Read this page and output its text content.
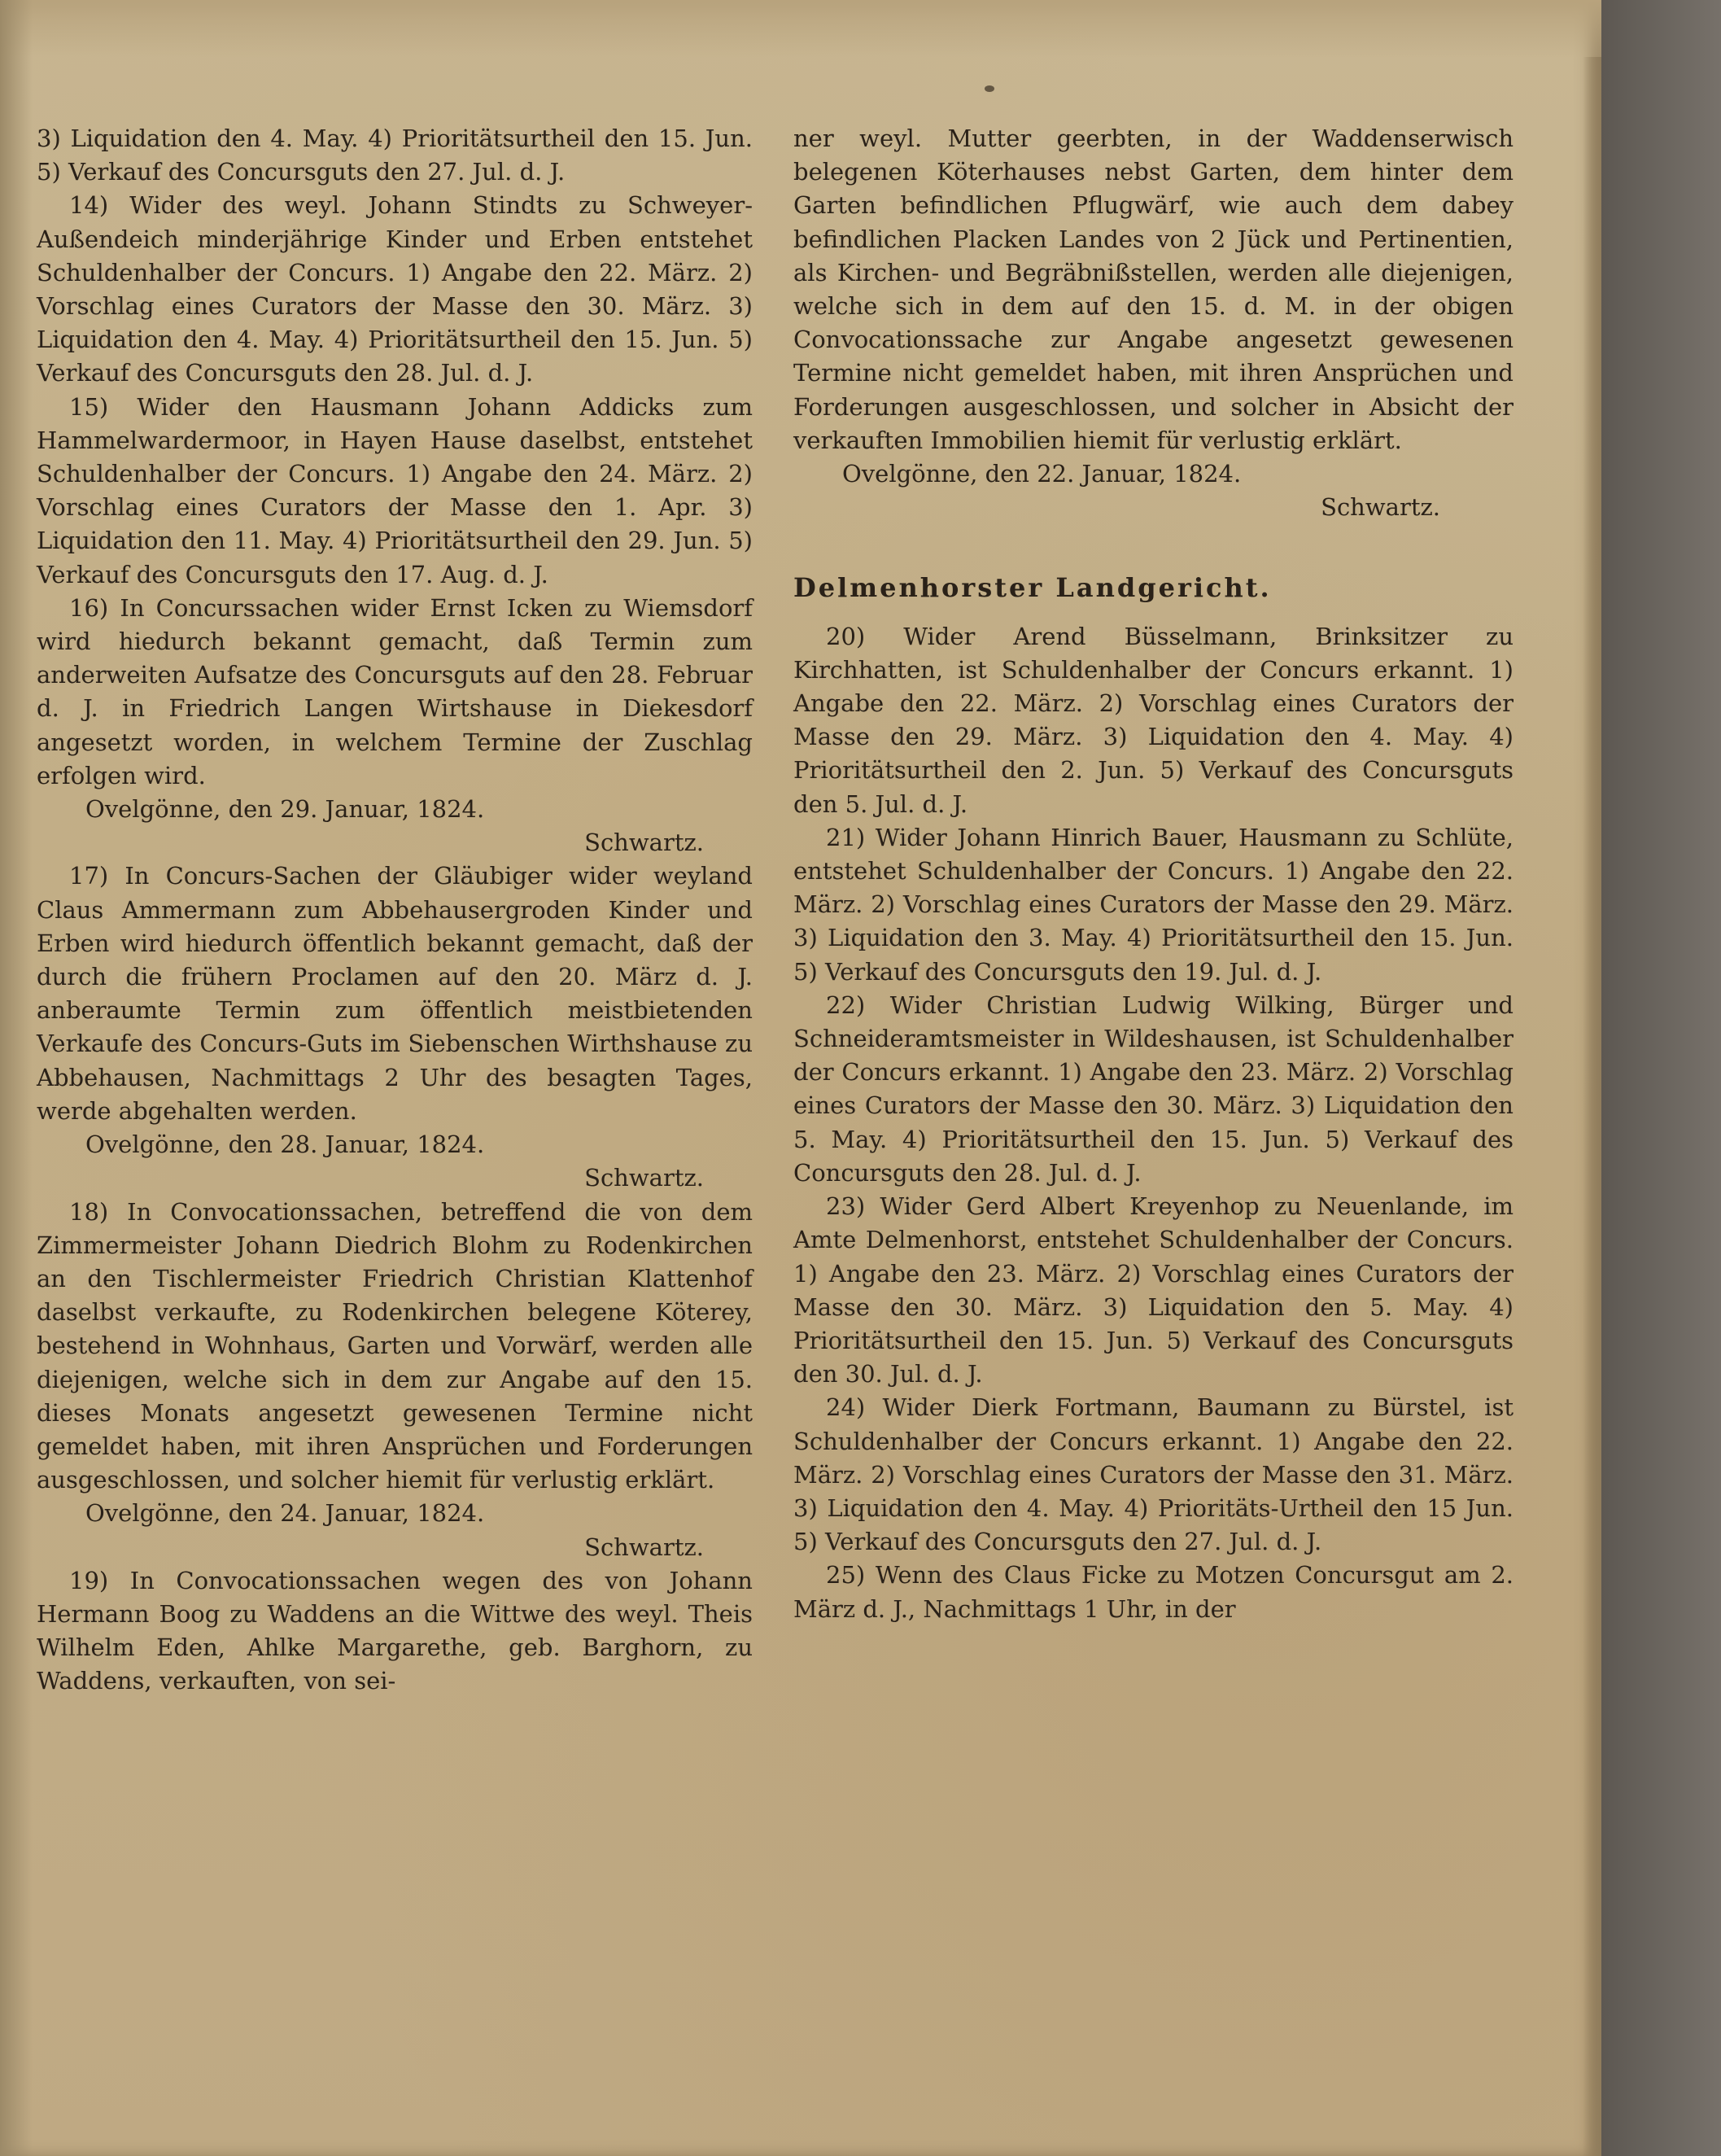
3) Liquidation den 4. May. 4) Prioritätsurtheil den 15. Jun. 5) Verkauf des Concursguts den 27. Jul. d. J.

14) Wider des weyl. Johann Stindts zu Schweyer-Außendeich minderjährige Kinder und Erben entstehet Schuldenhalber der Concurs. 1) Angabe den 22. März. 2) Vorschlag eines Curators der Masse den 30. März. 3) Liquidation den 4. May. 4) Prioritätsurtheil den 15. Jun. 5) Verkauf des Concursguts den 28. Jul. d. J.

15) Wider den Hausmann Johann Addicks zum Hammelwardermoor, in Hayen Hause daselbst, entstehet Schuldenhalber der Concurs. 1) Angabe den 24. März. 2) Vorschlag eines Curators der Masse den 1. Apr. 3) Liquidation den 11. May. 4) Prioritätsurtheil den 29. Jun. 5) Verkauf des Concursguts den 17. Aug. d. J.

16) In Concurssachen wider Ernst Icken zu Wiemsdorf wird hiedurch bekannt gemacht, daß Termin zum anderweiten Aufsatze des Concursguts auf den 28. Februar d. J. in Friedrich Langen Wirtshause in Diekesdorf angesetzt worden, in welchem Termine der Zuschlag erfolgen wird.

Ovelgönne, den 29. Januar, 1824.

Schwartz.

17) In Concurs-Sachen der Gläubiger wider weyland Claus Ammermann zum Abbehausergroden Kinder und Erben wird hiedurch öffentlich bekannt gemacht, daß der durch die frühern Proclamen auf den 20. März d. J. anberaumte Termin zum öffentlich meistbietenden Verkaufe des Concurs-Guts im Siebenschen Wirthshause zu Abbehausen, Nachmittags 2 Uhr des besagten Tages, werde abgehalten werden.

Ovelgönne, den 28. Januar, 1824.

Schwartz.

18) In Convocationssachen, betreffend die von dem Zimmermeister Johann Diedrich Blohm zu Rodenkirchen an den Tischlermeister Friedrich Christian Klattenhof daselbst verkaufte, zu Rodenkirchen belegene Köterey, bestehend in Wohnhaus, Garten und Vorwärf, werden alle diejenigen, welche sich in dem zur Angabe auf den 15. dieses Monats angesetzt gewesenen Termine nicht gemeldet haben, mit ihren Ansprüchen und Forderungen ausgeschlossen, und solcher hiemit für verlustig erklärt.

Ovelgönne, den 24. Januar, 1824.

Schwartz.

19) In Convocationssachen wegen des von Johann Hermann Boog zu Waddens an die Wittwe des weyl. Theis Wilhelm Eden, Ahlke Margarethe, geb. Barghorn, zu Waddens, verkauften, von sei-

ner weyl. Mutter geerbten, in der Waddenserwisch belegenen Köterhauses nebst Garten, dem hinter dem Garten befindlichen Pflugwärf, wie auch dem dabey befindlichen Placken Landes von 2 Jück und Pertinentien, als Kirchen- und Begräbnißstellen, werden alle diejenigen, welche sich in dem auf den 15. d. M. in der obigen Convocationssache zur Angabe angesetzt gewesenen Termine nicht gemeldet haben, mit ihren Ansprüchen und Forderungen ausgeschlossen, und solcher in Absicht der verkauften Immobilien hiemit für verlustig erklärt.

Ovelgönne, den 22. Januar, 1824.

Schwartz.

Delmenhorster Landgericht.

20) Wider Arend Büsselmann, Brinksitzer zu Kirchhatten, ist Schuldenhalber der Concurs erkannt. 1) Angabe den 22. März. 2) Vorschlag eines Curators der Masse den 29. März. 3) Liquidation den 4. May. 4) Prioritätsurtheil den 2. Jun. 5) Verkauf des Concursguts den 5. Jul. d. J.

21) Wider Johann Hinrich Bauer, Hausmann zu Schlüte, entstehet Schuldenhalber der Concurs. 1) Angabe den 22. März. 2) Vorschlag eines Curators der Masse den 29. März. 3) Liquidation den 3. May. 4) Prioritätsurtheil den 15. Jun. 5) Verkauf des Concursguts den 19. Jul. d. J.

22) Wider Christian Ludwig Wilking, Bürger und Schneideramtsmeister in Wildeshausen, ist Schuldenhalber der Concurs erkannt. 1) Angabe den 23. März. 2) Vorschlag eines Curators der Masse den 30. März. 3) Liquidation den 5. May. 4) Prioritätsurtheil den 15. Jun. 5) Verkauf des Concursguts den 28. Jul. d. J.

23) Wider Gerd Albert Kreyenhop zu Neuenlande, im Amte Delmenhorst, entstehet Schuldenhalber der Concurs. 1) Angabe den 23. März. 2) Vorschlag eines Curators der Masse den 30. März. 3) Liquidation den 5. May. 4) Prioritätsurtheil den 15. Jun. 5) Verkauf des Concursguts den 30. Jul. d. J.

24) Wider Dierk Fortmann, Baumann zu Bürstel, ist Schuldenhalber der Concurs erkannt. 1) Angabe den 22. März. 2) Vorschlag eines Curators der Masse den 31. März. 3) Liquidation den 4. May. 4) Prioritäts-Urtheil den 15 Jun. 5) Verkauf des Concursguts den 27. Jul. d. J.

25) Wenn des Claus Ficke zu Motzen Concursgut am 2. März d. J., Nachmittags 1 Uhr, in der
